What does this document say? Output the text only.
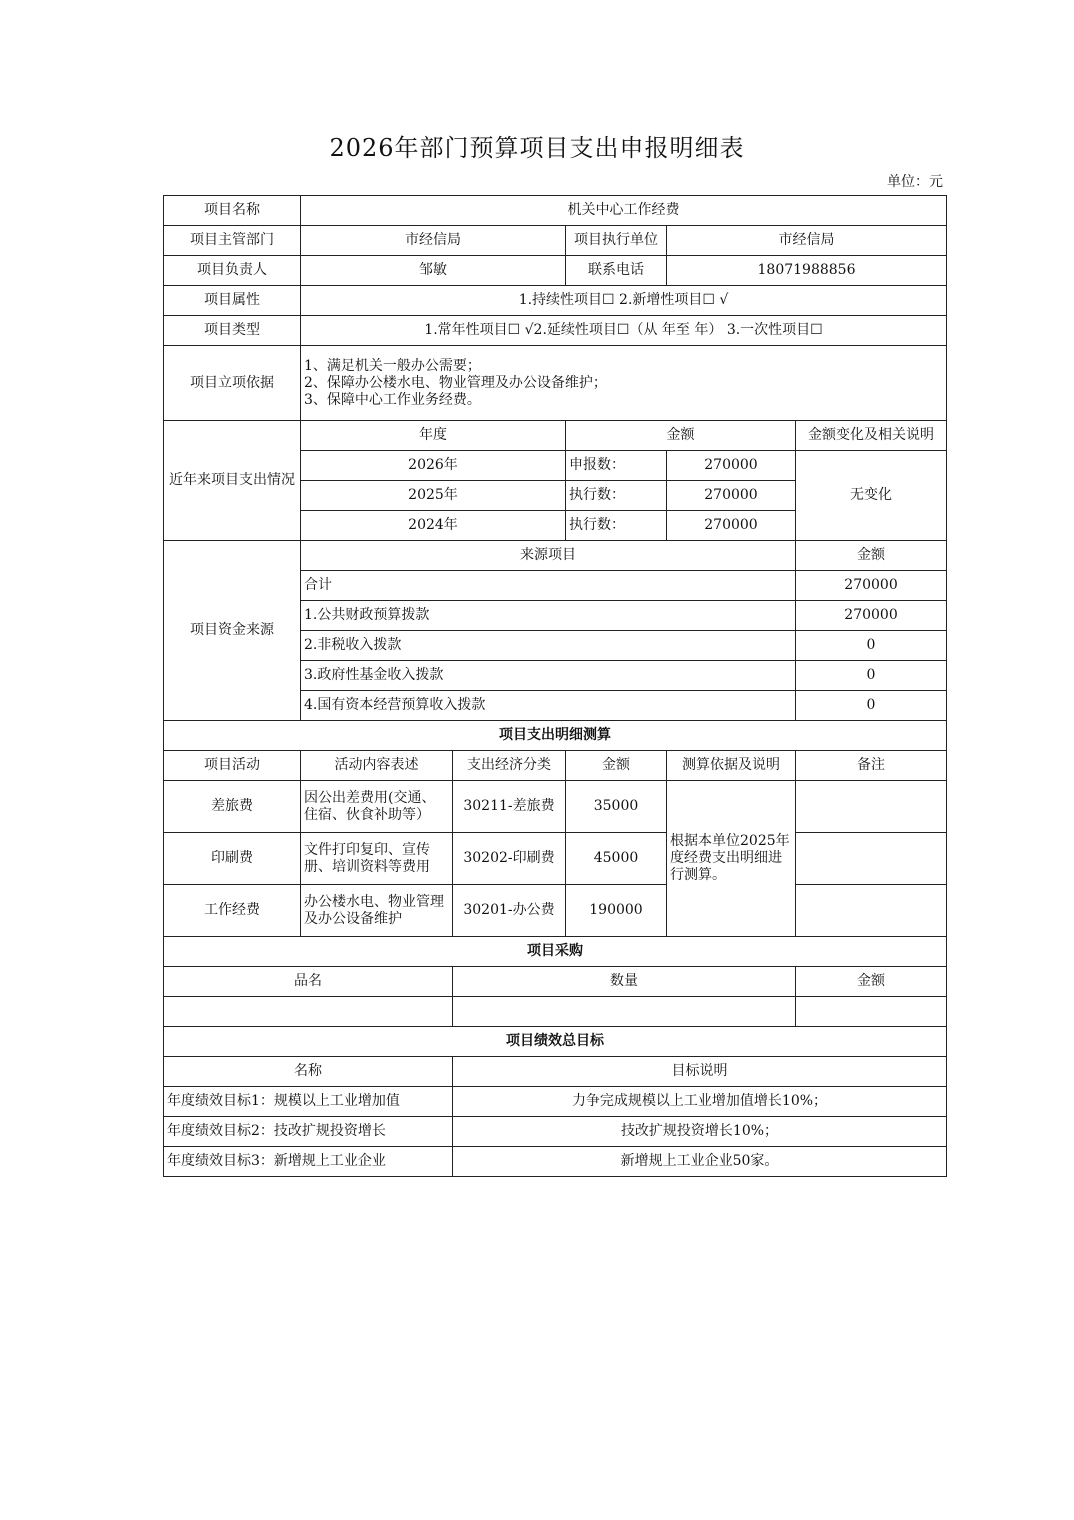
2026年部门预算项目支出申报明细表
单位：元
项目名称	机关中心工作经费				
项目主管部门	市经信局		项目执行单位	市经信局	
项目负责人	邹敏		联系电话	18071988856	
项目属性	1.持续性项目☐ 2.新增性项目☐ √				
项目类型	1.常年性项目☐ √2.延续性项目☐（从 年至 年） 3.一次性项目☐				
项目立项依据	1、满足机关一般办公需要；
2、保障办公楼水电、物业管理及办公设备维护；
3、保障中心工作业务经费。				

近年来项目支出情况	年度		金额		金额变化及相关说明
	2026年		申报数：	270000	无变化
	2025年		执行数：	270000	
	2024年		执行数：	270000	
项目资金来源	来源项目				金额
	合计				270000
	1.公共财政预算拨款				270000
	2.非税收入拨款				0
	3.政府性基金收入拨款				0
	4.国有资本经营预算收入拨款				0
项目支出明细测算					
项目活动	活动内容表述	支出经济分类	金额	测算依据及说明	备注
差旅费	因公出差费用(交通、住宿、伙食补助等）	30211-差旅费	35000	根据本单位2025年度经费支出明细进行测算。	
印刷费	文件打印复印、宣传册、培训资料等费用	30202-印刷费	45000		
工作经费	办公楼水电、物业管理及办公设备维护	30201-办公费	190000		
项目采购					
品名		数量			金额

项目绩效总目标					
名称		目标说明			
年度绩效目标1：规模以上工业增加值		力争完成规模以上工业增加值增长10%；			
年度绩效目标2：技改扩规投资增长		技改扩规投资增长10%；			
年度绩效目标3：新增规上工业企业		新增规上工业企业50家。			
